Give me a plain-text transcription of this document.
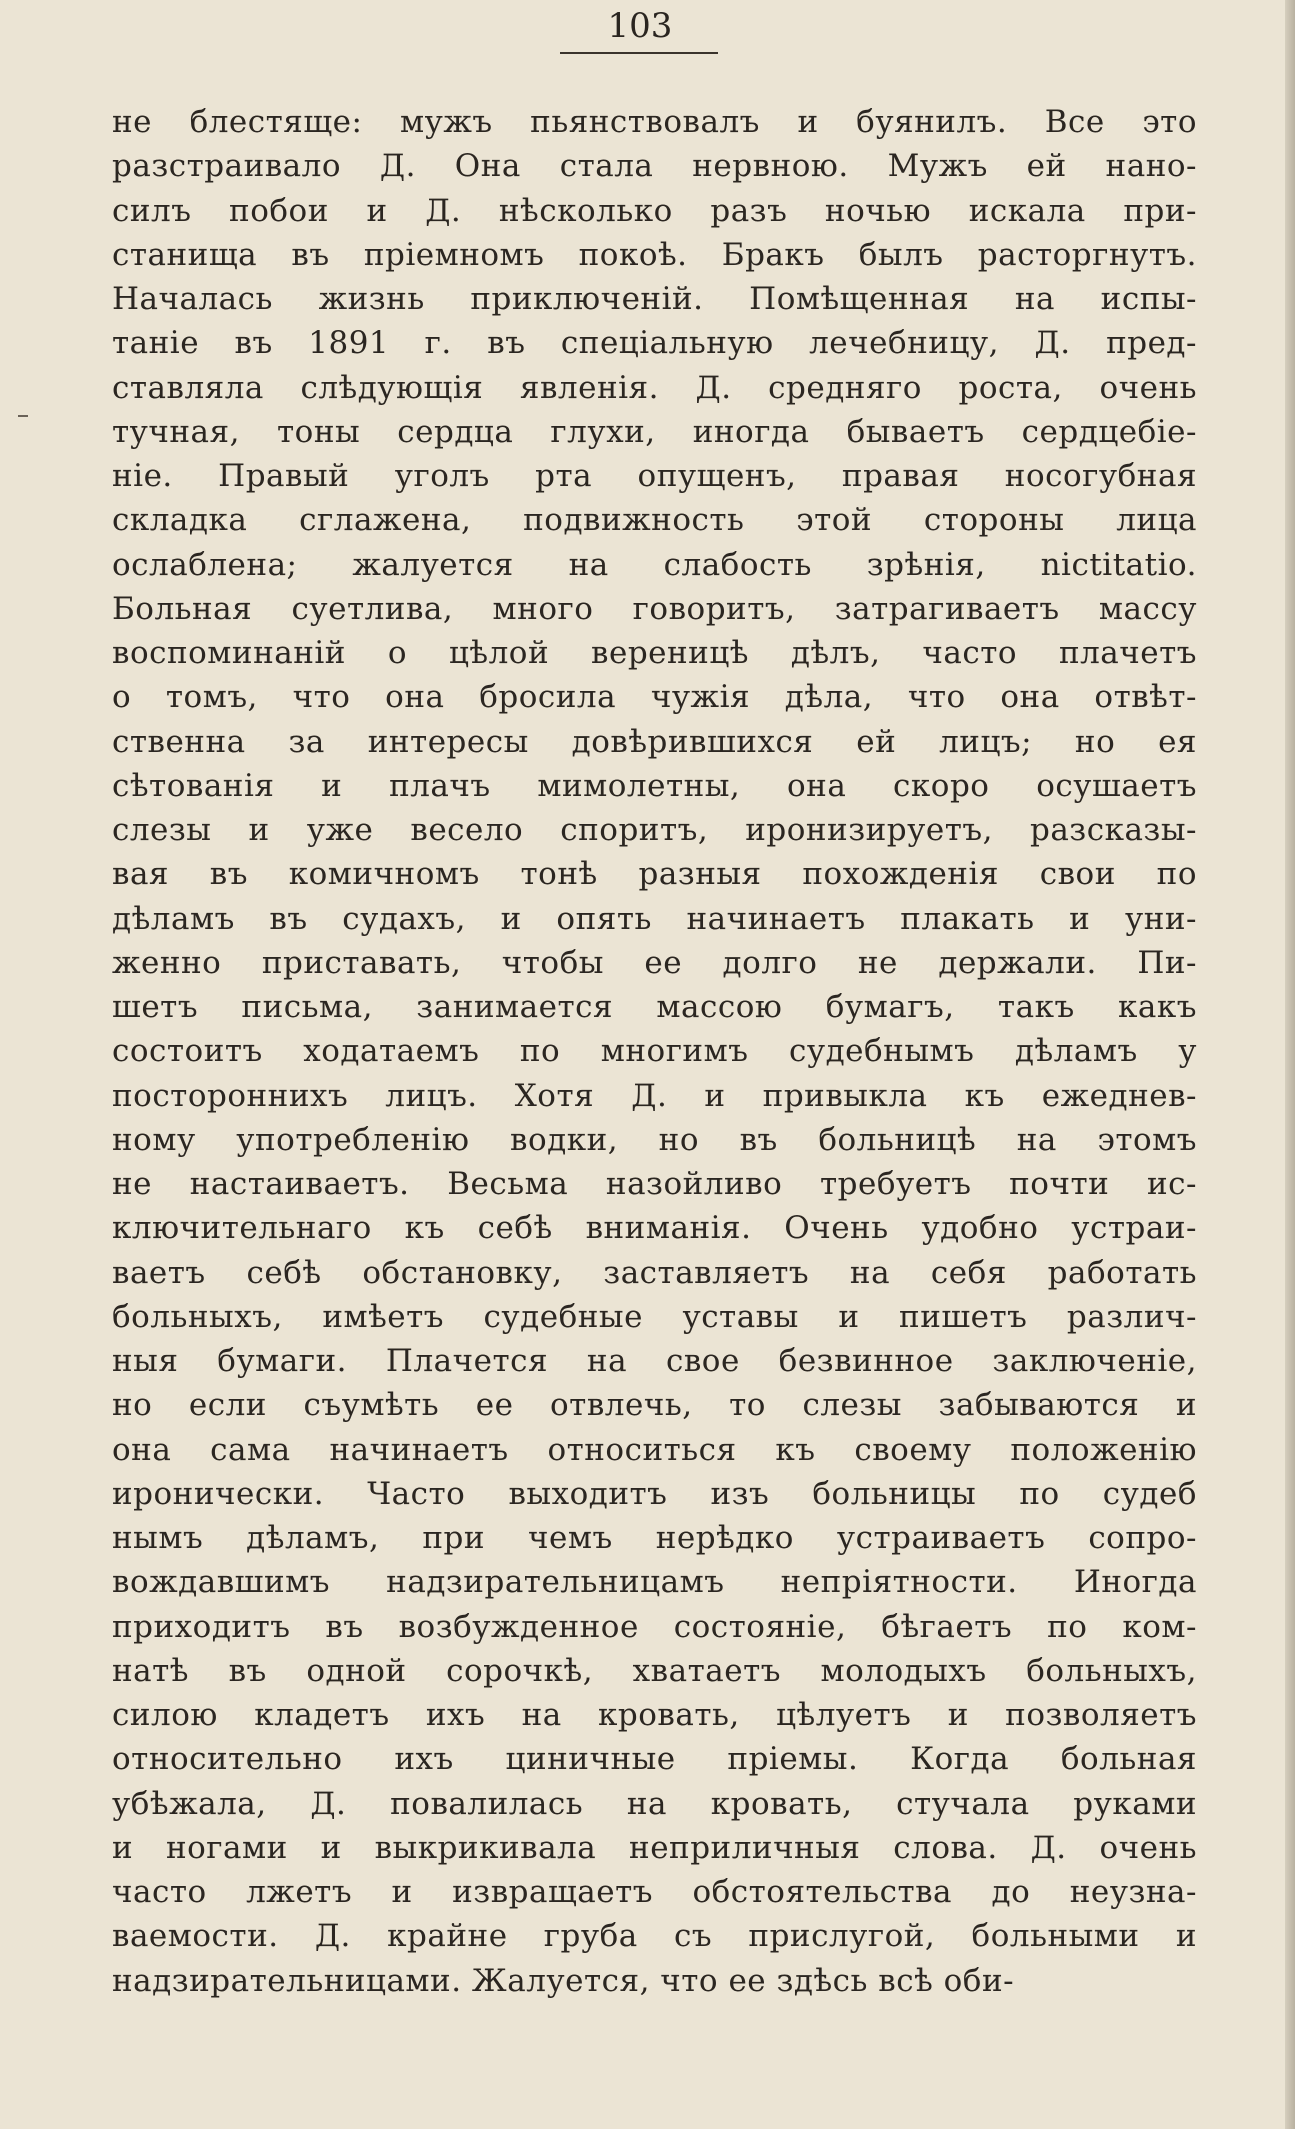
103
не блестяще: мужъ пьянствовалъ и буянилъ. Все это
разстраивало Д. Она стала нервною. Мужъ ей нано-
силъ побои и Д. нѣсколько разъ ночью искала при-
станища въ пріемномъ покоѣ. Бракъ былъ расторгнутъ.
Началась жизнь приключеній. Помѣщенная на испы-
таніе въ 1891 г. въ спеціальную лечебницу, Д. пред-
ставляла слѣдующія явленія. Д. средняго роста, очень
тучная, тоны сердца глухи, иногда бываетъ сердцебіе-
ніе. Правый уголъ рта опущенъ, правая носогубная
складка сглажена, подвижность этой стороны лица
ослаблена; жалуется на слабость зрѣнія, nictitatio.
Больная суетлива, много говоритъ, затрагиваетъ массу
воспоминаній о цѣлой вереницѣ дѣлъ, часто плачетъ
о томъ, что она бросила чужія дѣла, что она отвѣт-
ственна за интересы довѣрившихся ей лицъ; но ея
сѣтованія и плачъ мимолетны, она скоро осушаетъ
слезы и уже весело споритъ, иронизируетъ, разсказы-
вая въ комичномъ тонѣ разныя похожденія свои по
дѣламъ въ судахъ, и опять начинаетъ плакать и уни-
женно приставать, чтобы ее долго не держали. Пи-
шетъ письма, занимается массою бумагъ, такъ какъ
состоитъ ходатаемъ по многимъ судебнымъ дѣламъ у
постороннихъ лицъ. Хотя Д. и привыкла къ ежеднев-
ному употребленію водки, но въ больницѣ на этомъ
не настаиваетъ. Весьма назойливо требуетъ почти ис-
ключительнаго къ себѣ вниманія. Очень удобно устраи-
ваетъ себѣ обстановку, заставляетъ на себя работать
больныхъ, имѣетъ судебные уставы и пишетъ различ-
ныя бумаги. Плачется на свое безвинное заключеніе,
но если съумѣть ее отвлечь, то слезы забываются и
она сама начинаетъ относиться къ своему положенію
иронически. Часто выходитъ изъ больницы по судеб
нымъ дѣламъ, при чемъ нерѣдко устраиваетъ сопро-
вождавшимъ надзирательницамъ непріятности. Иногда
приходитъ въ возбужденное состояніе, бѣгаетъ по ком-
натѣ въ одной сорочкѣ, хватаетъ молодыхъ больныхъ,
силою кладетъ ихъ на кровать, цѣлуетъ и позволяетъ
относительно ихъ циничные пріемы. Когда больная
убѣжала, Д. повалилась на кровать, стучала руками
и ногами и выкрикивала неприличныя слова. Д. очень
часто лжетъ и извращаетъ обстоятельства до неузна-
ваемости. Д. крайне груба съ прислугой, больными и
надзирательницами. Жалуется, что ее здѣсь всѣ оби-
